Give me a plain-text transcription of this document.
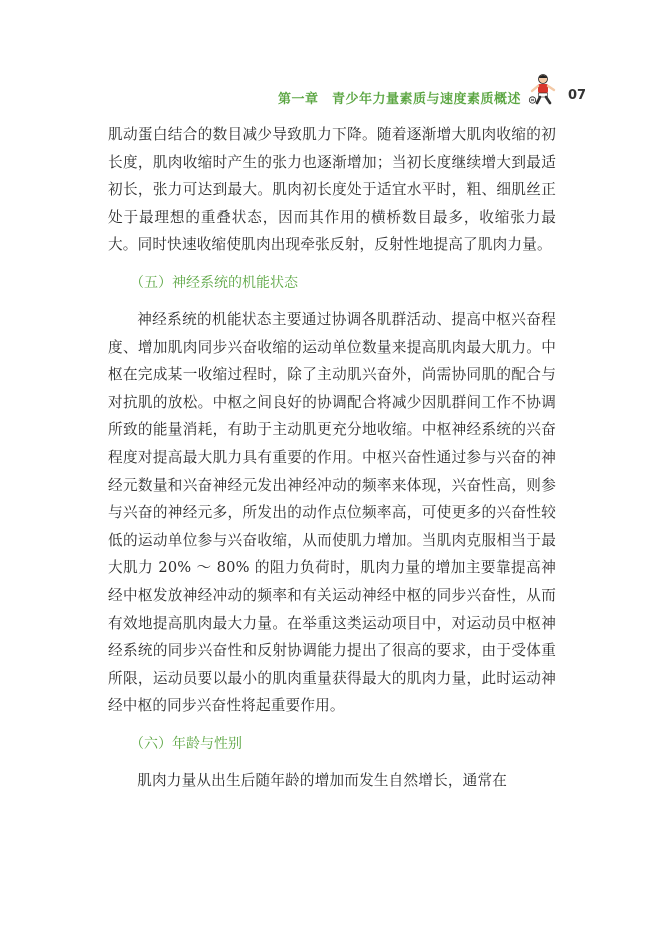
第一章　青少年力量素质与速度素质概述	07

肌动蛋白结合的数目减少导致肌力下降。随着逐渐增大肌肉收缩的初长度，肌肉收缩时产生的张力也逐渐增加；当初长度继续增大到最适初长，张力可达到最大。肌肉初长度处于适宜水平时，粗、细肌丝正处于最理想的重叠状态，因而其作用的横桥数目最多，收缩张力最大。同时快速收缩使肌肉出现牵张反射，反射性地提高了肌肉力量。

（五）神经系统的机能状态

神经系统的机能状态主要通过协调各肌群活动、提高中枢兴奋程度、增加肌肉同步兴奋收缩的运动单位数量来提高肌肉最大肌力。中枢在完成某一收缩过程时，除了主动肌兴奋外，尚需协同肌的配合与对抗肌的放松。中枢之间良好的协调配合将减少因肌群间工作不协调所致的能量消耗，有助于主动肌更充分地收缩。中枢神经系统的兴奋程度对提高最大肌力具有重要的作用。中枢兴奋性通过参与兴奋的神经元数量和兴奋神经元发出神经冲动的频率来体现，兴奋性高，则参与兴奋的神经元多，所发出的动作点位频率高，可使更多的兴奋性较低的运动单位参与兴奋收缩，从而使肌力增加。当肌肉克服相当于最大肌力 20% ～ 80% 的阻力负荷时，肌肉力量的增加主要靠提高神经中枢发放神经冲动的频率和有关运动神经中枢的同步兴奋性，从而有效地提高肌肉最大力量。在举重这类运动项目中，对运动员中枢神经系统的同步兴奋性和反射协调能力提出了很高的要求，由于受体重所限，运动员要以最小的肌肉重量获得最大的肌肉力量，此时运动神经中枢的同步兴奋性将起重要作用。

（六）年龄与性别

肌肉力量从出生后随年龄的增加而发生自然增长，通常在
